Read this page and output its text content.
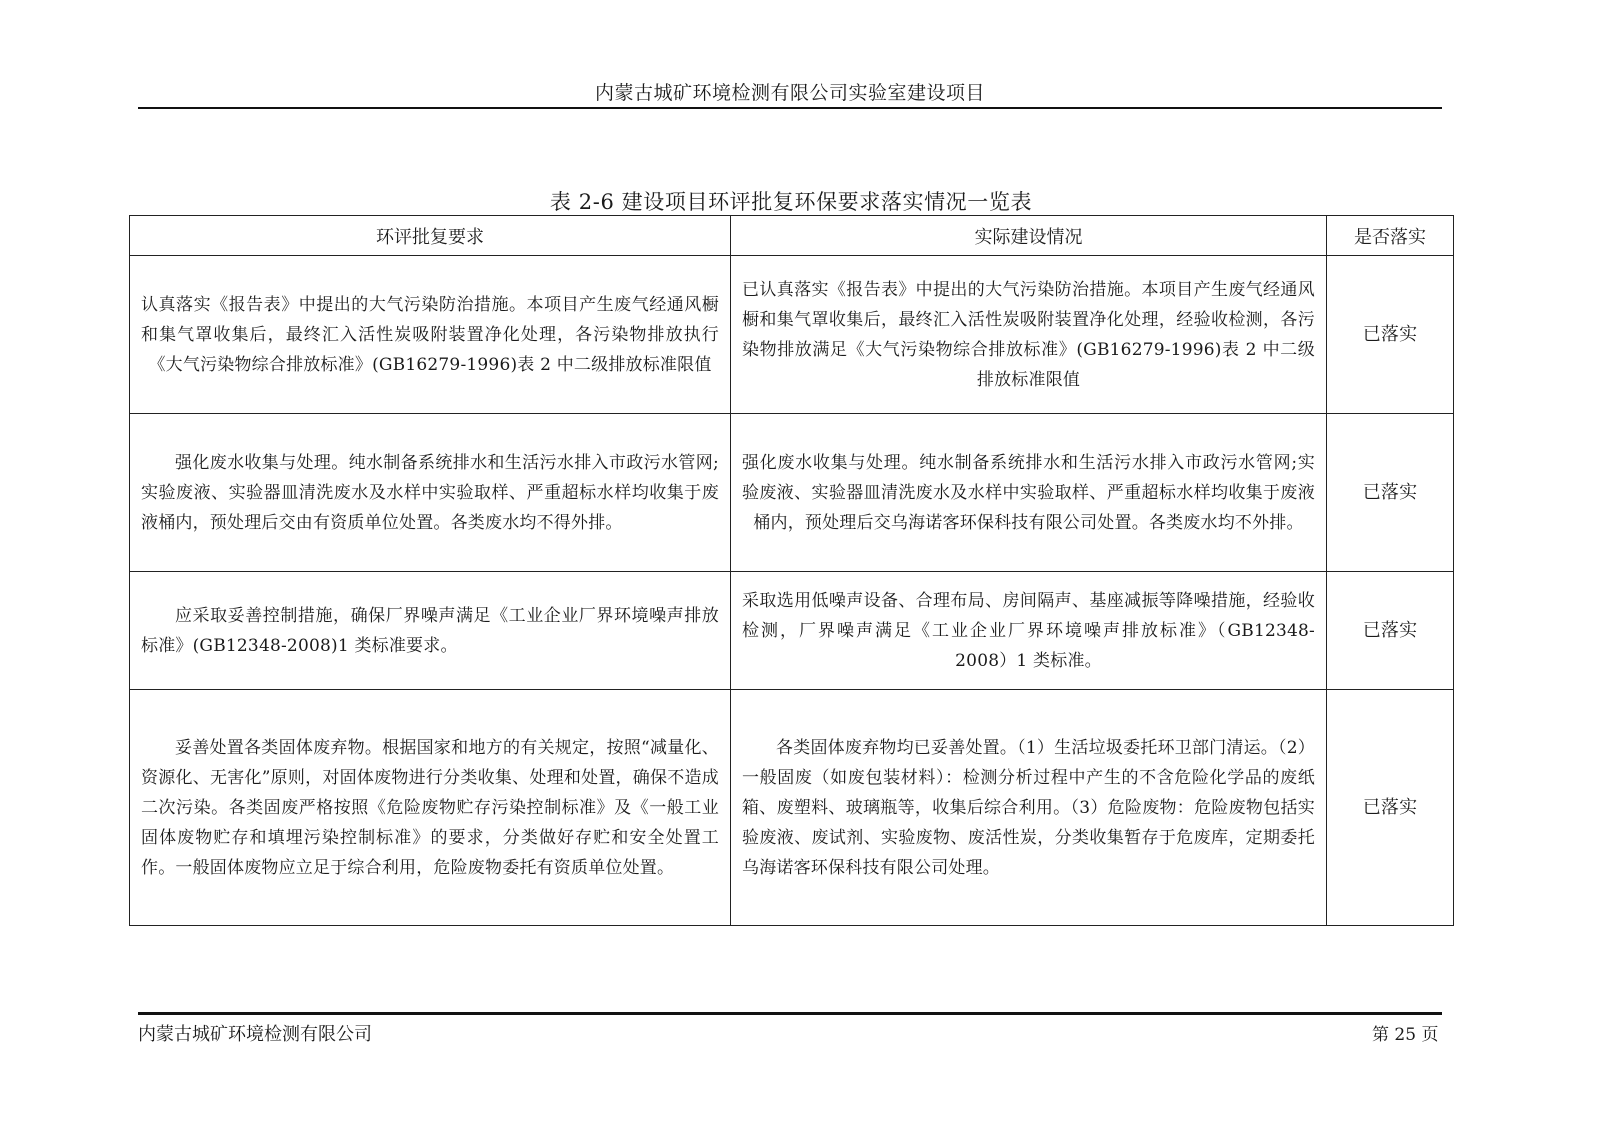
内蒙古城矿环境检测有限公司实验室建设项目
表 2-6 建设项目环评批复环保要求落实情况一览表
环评批复要求	实际建设情况	是否落实
认真落实《报告表》中提出的大气污染防治措施。本项目产生废气经通风橱和集气罩收集后，最终汇入活性炭吸附装置净化处理，各污染物排放执行《大气污染物综合排放标准》(GB16279-1996)表 2 中二级排放标准限值	已认真落实《报告表》中提出的大气污染防治措施。本项目产生废气经通风橱和集气罩收集后，最终汇入活性炭吸附装置净化处理，经验收检测，各污染物排放满足《大气污染物综合排放标准》(GB16279-1996)表 2 中二级排放标准限值	已落实
强化废水收集与处理。纯水制备系统排水和生活污水排入市政污水管网;实验废液、实验器皿清洗废水及水样中实验取样、严重超标水样均收集于废液桶内，预处理后交由有资质单位处置。各类废水均不得外排。	强化废水收集与处理。纯水制备系统排水和生活污水排入市政污水管网;实验废液、实验器皿清洗废水及水样中实验取样、严重超标水样均收集于废液桶内，预处理后交乌海诺客环保科技有限公司处置。各类废水均不外排。	已落实
应采取妥善控制措施，确保厂界噪声满足《工业企业厂界环境噪声排放标准》(GB12348-2008)1 类标准要求。	采取选用低噪声设备、合理布局、房间隔声、基座减振等降噪措施，经验收检测，厂界噪声满足《工业企业厂界环境噪声排放标准》（GB12348-2008）1 类标准。	已落实
妥善处置各类固体废弃物。根据国家和地方的有关规定，按照“减量化、资源化、无害化”原则，对固体废物进行分类收集、处理和处置，确保不造成二次污染。各类固废严格按照《危险废物贮存污染控制标准》及《一般工业固体废物贮存和填埋污染控制标准》的要求，分类做好存贮和安全处置工作。一般固体废物应立足于综合利用，危险废物委托有资质单位处置。	各类固体废弃物均已妥善处置。（1）生活垃圾委托环卫部门清运。（2）一般固废（如废包装材料）：检测分析过程中产生的不含危险化学品的废纸箱、废塑料、玻璃瓶等，收集后综合利用。（3）危险废物：危险废物包括实验废液、废试剂、实验废物、废活性炭，分类收集暂存于危废库，定期委托乌海诺客环保科技有限公司处理。	已落实
内蒙古城矿环境检测有限公司	第 25 页
